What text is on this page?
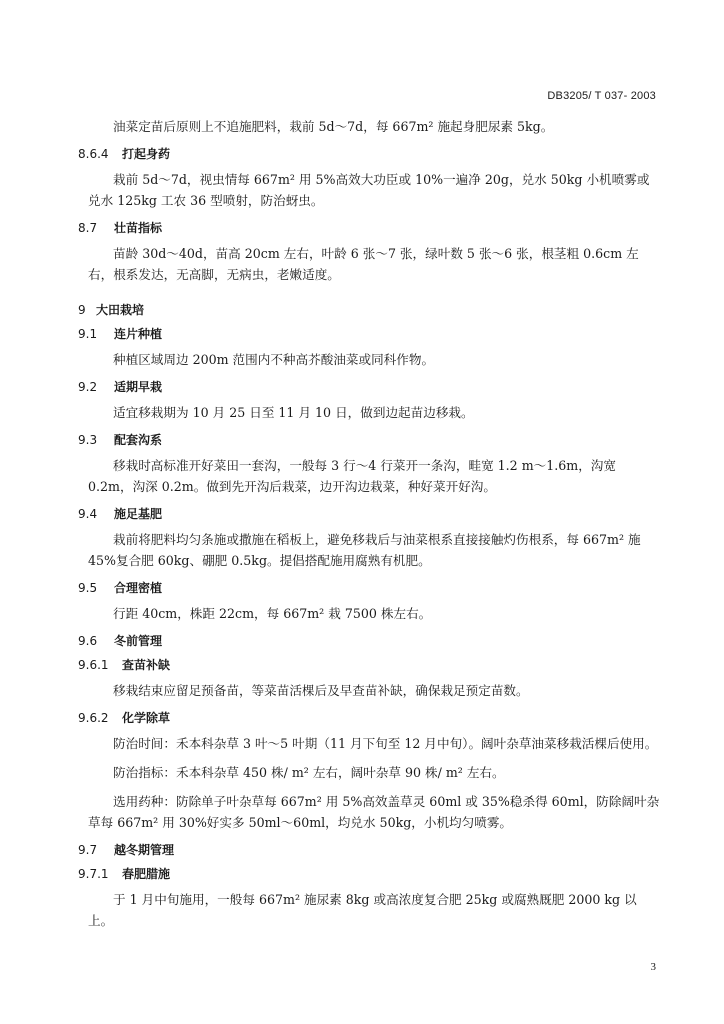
DB3205/ T 037- 2003

油菜定苗后原则上不追施肥料，栽前 5d～7d，每 667m² 施起身肥尿素 5kg。

8.6.4 打起身药

栽前 5d～7d，视虫情每 667m² 用 5%高效大功臣或 10%一遍净 20g，兑水 50kg 小机喷雾或兑水 125kg 工农 36 型喷射，防治蚜虫。

8.7 壮苗指标

苗龄 30d～40d，苗高 20cm 左右，叶龄 6 张～7 张，绿叶数 5 张～6 张，根茎粗 0.6cm 左右，根系发达，无高脚，无病虫，老嫩适度。

9 大田栽培
9.1 连片种植

种植区域周边 200m 范围内不种高芥酸油菜或同科作物。

9.2 适期早栽

适宜移栽期为 10 月 25 日至 11 月 10 日，做到边起苗边移栽。

9.3 配套沟系

移栽时高标准开好菜田一套沟，一般每 3 行～4 行菜开一条沟，畦宽 1.2 m～1.6m，沟宽 0.2m，沟深 0.2m。做到先开沟后栽菜，边开沟边栽菜，种好菜开好沟。

9.4 施足基肥

栽前将肥料均匀条施或撒施在稻板上，避免移栽后与油菜根系直接接触灼伤根系，每 667m² 施 45%复合肥 60kg、硼肥 0.5kg。提倡搭配施用腐熟有机肥。

9.5 合理密植

行距 40cm，株距 22cm，每 667m² 栽 7500 株左右。

9.6 冬前管理
9.6.1 查苗补缺

移栽结束应留足预备苗，等菜苗活棵后及早查苗补缺，确保栽足预定苗数。

9.6.2 化学除草

防治时间：禾本科杂草 3 叶～5 叶期（11 月下旬至 12 月中旬）。阔叶杂草油菜移栽活棵后使用。

防治指标：禾本科杂草 450 株/ m² 左右，阔叶杂草 90 株/ m² 左右。

选用药种：防除单子叶杂草每 667m² 用 5%高效盖草灵 60ml 或 35%稳杀得 60ml，防除阔叶杂草每 667m² 用 30%好实多 50ml～60ml，均兑水 50kg，小机均匀喷雾。

9.7 越冬期管理
9.7.1 春肥腊施

于 1 月中旬施用，一般每 667m² 施尿素 8kg 或高浓度复合肥 25kg 或腐熟厩肥 2000 kg 以上。

3
